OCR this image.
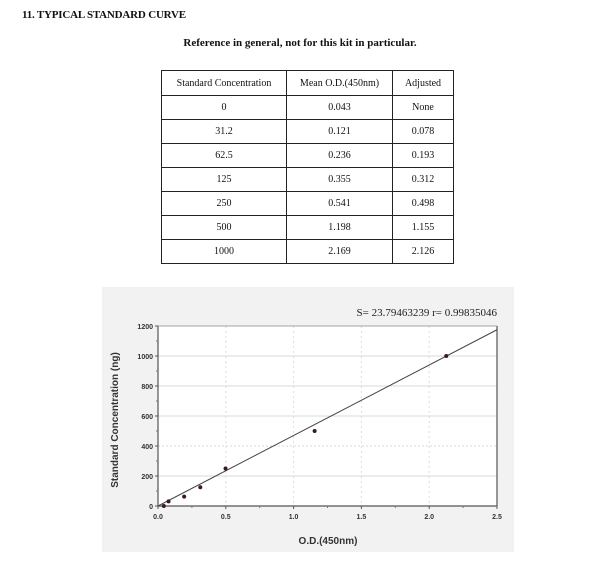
11. TYPICAL STANDARD CURVE
Reference in general, not for this kit in particular.
Standard Concentration	Mean O.D.(450nm)	Adjusted
0	0.043	None
31.2	0.121	0.078
62.5	0.236	0.193
125	0.355	0.312
250	0.541	0.498
500	1.198	1.155
1000	2.169	2.126
0
200
400
600
800
1000
1200
0.0	0.5	1.0	1.5	2.0	2.5
O.D.(450nm)
Standard Concentration (ng)
S= 23.79463239 r= 0.99835046
